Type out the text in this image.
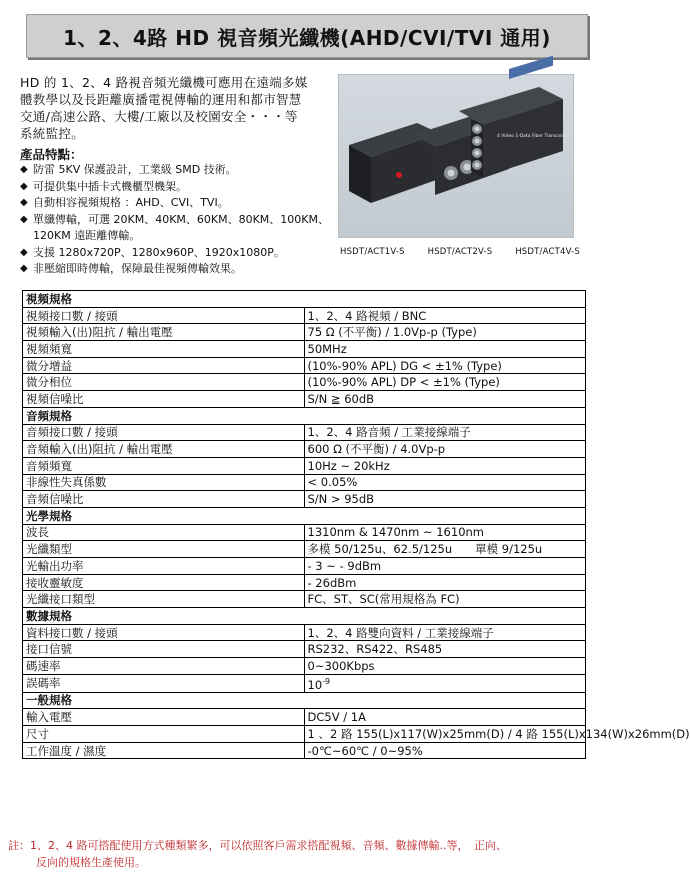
1、2、4路 HD 視音頻光纖機(AHD/CVI/TVI 通用)
HD 的 1、2、4 路視音頻光纖機可應用在遠端多媒體教學以及長距離廣播電視傳輸的運用和都市智慧交通/高速公路、大樓/工廠以及校園安全・・・等系統監控。
產品特點：
◆ 防雷 5KV 保護設計，工業級 SMD 技術。
◆ 可提供集中插卡式機櫃型機架。
◆ 自動相容視頻規格 ：AHD、CVI、TVI。
◆ 單纖傳輸，可選 20KM、40KM、60KM、80KM、100KM、120KM 遠距離傳輸。
◆ 支援 1280x720P、1280x960P、1920x1080P。
◆ 非壓縮即時傳輸，保障最佳視頻傳輸效果。
4 Video 1-Data Fiber Transceiver
HSDT/ACT1V-S	HSDT/ACT2V-S	HSDT/ACT4V-S
視頻規格	
視頻接口數 / 接頭	1、2、4 路視頻 / BNC
視頻輸入(出)阻抗 / 輸出電壓	75 Ω (不平衡) / 1.0Vp-p (Type)
視頻頻寬	50MHz
微分增益	(10%-90% APL) DG < ±1% (Type)
微分相位	(10%-90% APL) DP < ±1% (Type)
視頻信噪比	S/N ≧ 60dB
音頻規格	
音頻接口數 / 接頭	1、2、4 路音頻 / 工業接線端子
音頻輸入(出)阻抗 / 輸出電壓	600 Ω (不平衡) / 4.0Vp-p
音頻頻寬	10Hz ~ 20kHz
非線性失真係數	< 0.05%
音頻信噪比	S/N > 95dB
光學規格	
波長	1310nm & 1470nm ~ 1610nm
光纖類型	多模 50/125u、62.5/125u　　單模 9/125u
光輸出功率	- 3 ~ - 9dBm
接收靈敏度	- 26dBm
光纖接口類型	FC、ST、SC(常用規格為 FC)
數據規格	
資料接口數 / 接頭	1、2、4 路雙向資料 / 工業接線端子
接口信號	RS232、RS422、RS485
碼速率	0~300Kbps
誤碼率	$10^{-9}$
一般規格	
輸入電壓	DC5V / 1A
尺寸	1 、2 路 155(L)x117(W)x25mm(D) / 4 路 155(L)x134(W)x26mm(D)
工作溫度 / 濕度	-0℃~60℃ / 0~95%
註：1、2、4 路可搭配使用方式種類繁多，可以依照客戶需求搭配視頻、音頻、數據傳輸..等，　正向、
反向的規格生產使用。
